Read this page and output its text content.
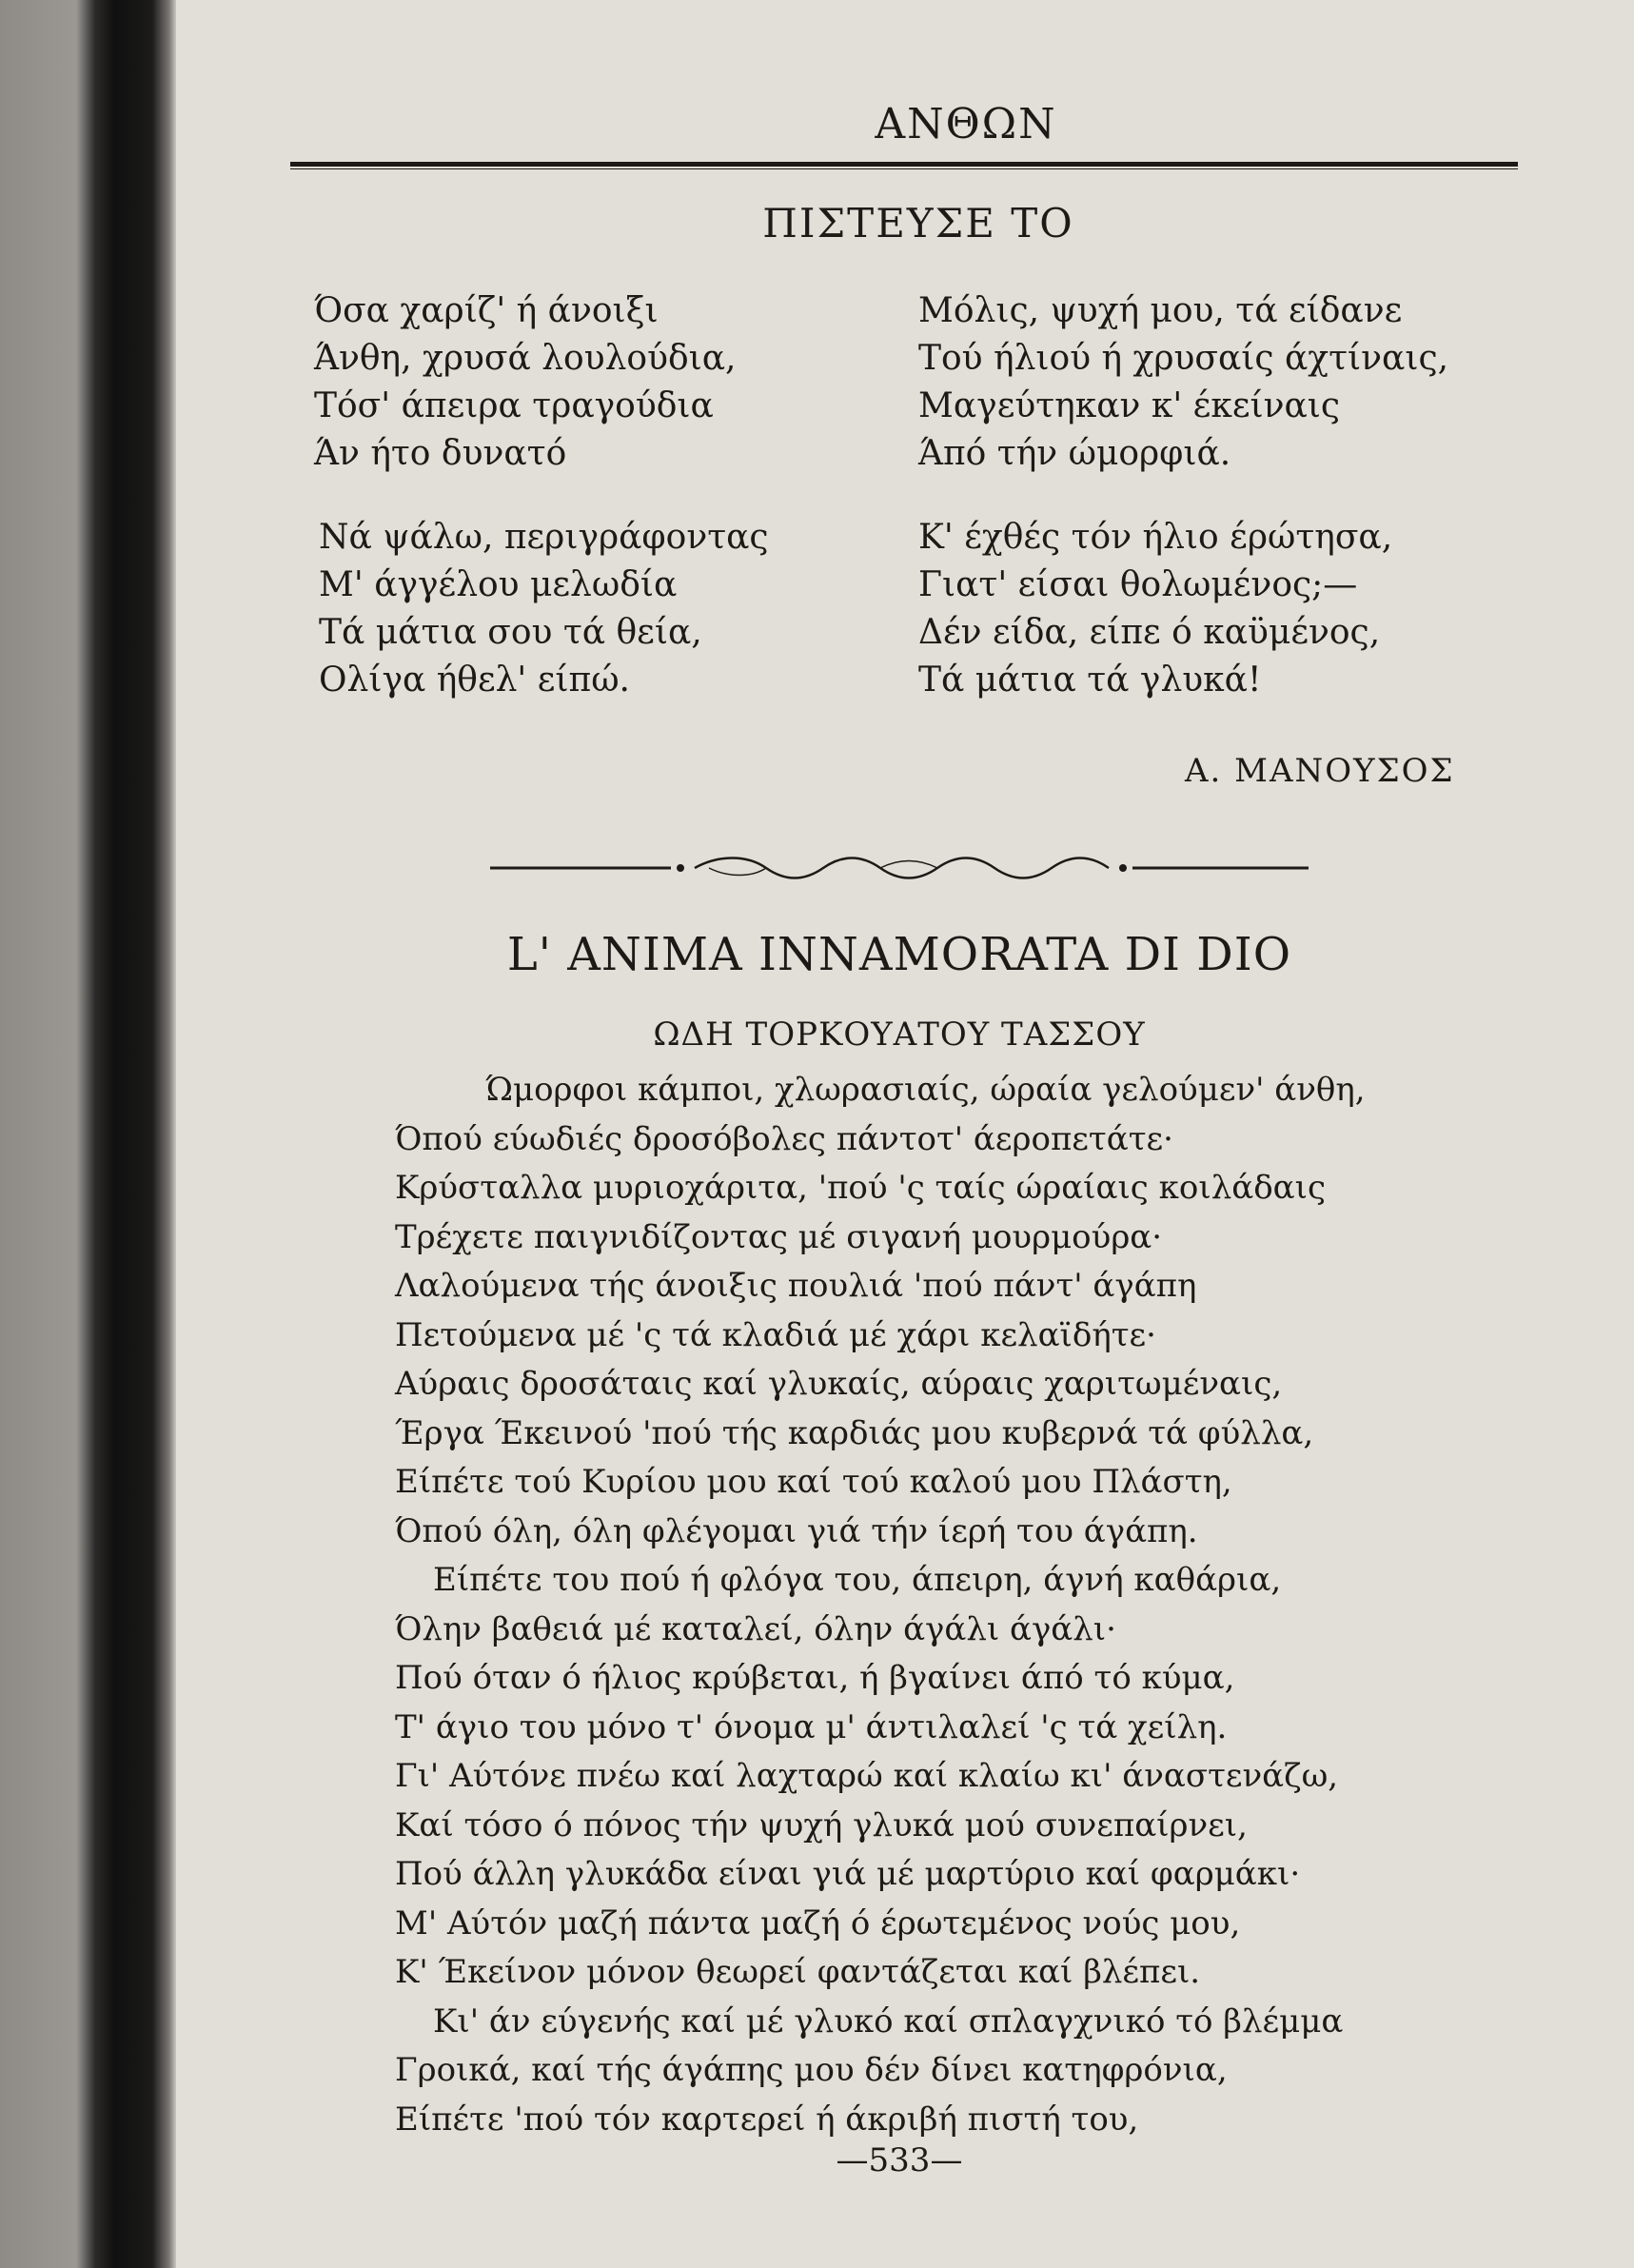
ΑΝΘΩΝ
ΠΙΣΤΕΥΣΕ ΤΟ
Όσα χαρίζ' ή άνοιξι
Άνθη, χρυσά λουλούδια,
Τόσ' άπειρα τραγούδια
Άν ήτο δυνατό
Μόλις, ψυχή μου, τά είδανε
Τού ήλιού ή χρυσαίς άχτίναις,
Μαγεύτηκαν κ' έκείναις
Άπό τήν ώμορφιά.
Νά ψάλω, περιγράφοντας
Μ' άγγέλου μελωδία
Τά μάτια σου τά θεία,
Ολίγα ήθελ' είπώ.
Κ' έχθές τόν ήλιο έρώτησα,
Γιατ' είσαι θολωμένος;—
Δέν είδα, είπε ό καϋμένος,
Τά μάτια τά γλυκά!
Α. ΜΑΝΟΥΣΟΣ
L' ANIMA INNAMORATA DI DIO
ΩΔΗ ΤΟΡΚΟΥΑΤΟΥ ΤΑΣΣΟΥ
Ώμορφοι κάμποι, χλωρασιαίς, ώραία γελούμεν' άνθη,
Όπού εύωδιές δροσόβολες πάντοτ' άεροπετάτε·
Κρύσταλλα μυριοχάριτα, 'πού 'ς ταίς ώραίαις κοιλάδαις
Τρέχετε παιγνιδίζοντας μέ σιγανή μουρμούρα·
Λαλούμενα τής άνοιξις πουλιά 'πού πάντ' άγάπη
Πετούμενα μέ 'ς τά κλαδιά μέ χάρι κελαϊδήτε·
Αύραις δροσάταις καί γλυκαίς, αύραις χαριτωμέναις,
Έργα Έκεινού 'πού τής καρδιάς μου κυβερνά τά φύλλα,
Είπέτε τού Κυρίου μου καί τού καλού μου Πλάστη,
Όπού όλη, όλη φλέγομαι γιά τήν ίερή του άγάπη.
Είπέτε του πού ή φλόγα του, άπειρη, άγνή καθάρια,
Όλην βαθειά μέ καταλεί, όλην άγάλι άγάλι·
Πού όταν ό ήλιος κρύβεται, ή βγαίνει άπό τό κύμα,
Τ' άγιο του μόνο τ' όνομα μ' άντιλαλεί 'ς τά χείλη.
Γι' Αύτόνε πνέω καί λαχταρώ καί κλαίω κι' άναστενάζω,
Καί τόσο ό πόνος τήν ψυχή γλυκά μού συνεπαίρνει,
Πού άλλη γλυκάδα είναι γιά μέ μαρτύριο καί φαρμάκι·
Μ' Αύτόν μαζή πάντα μαζή ό έρωτεμένος νούς μου,
Κ' Έκείνον μόνον θεωρεί φαντάζεται καί βλέπει.
Κι' άν εύγενής καί μέ γλυκό καί σπλαγχνικό τό βλέμμα
Γροικά, καί τής άγάπης μου δέν δίνει κατηφρόνια,
Είπέτε 'πού τόν καρτερεί ή άκριβή πιστή του,
—533—
